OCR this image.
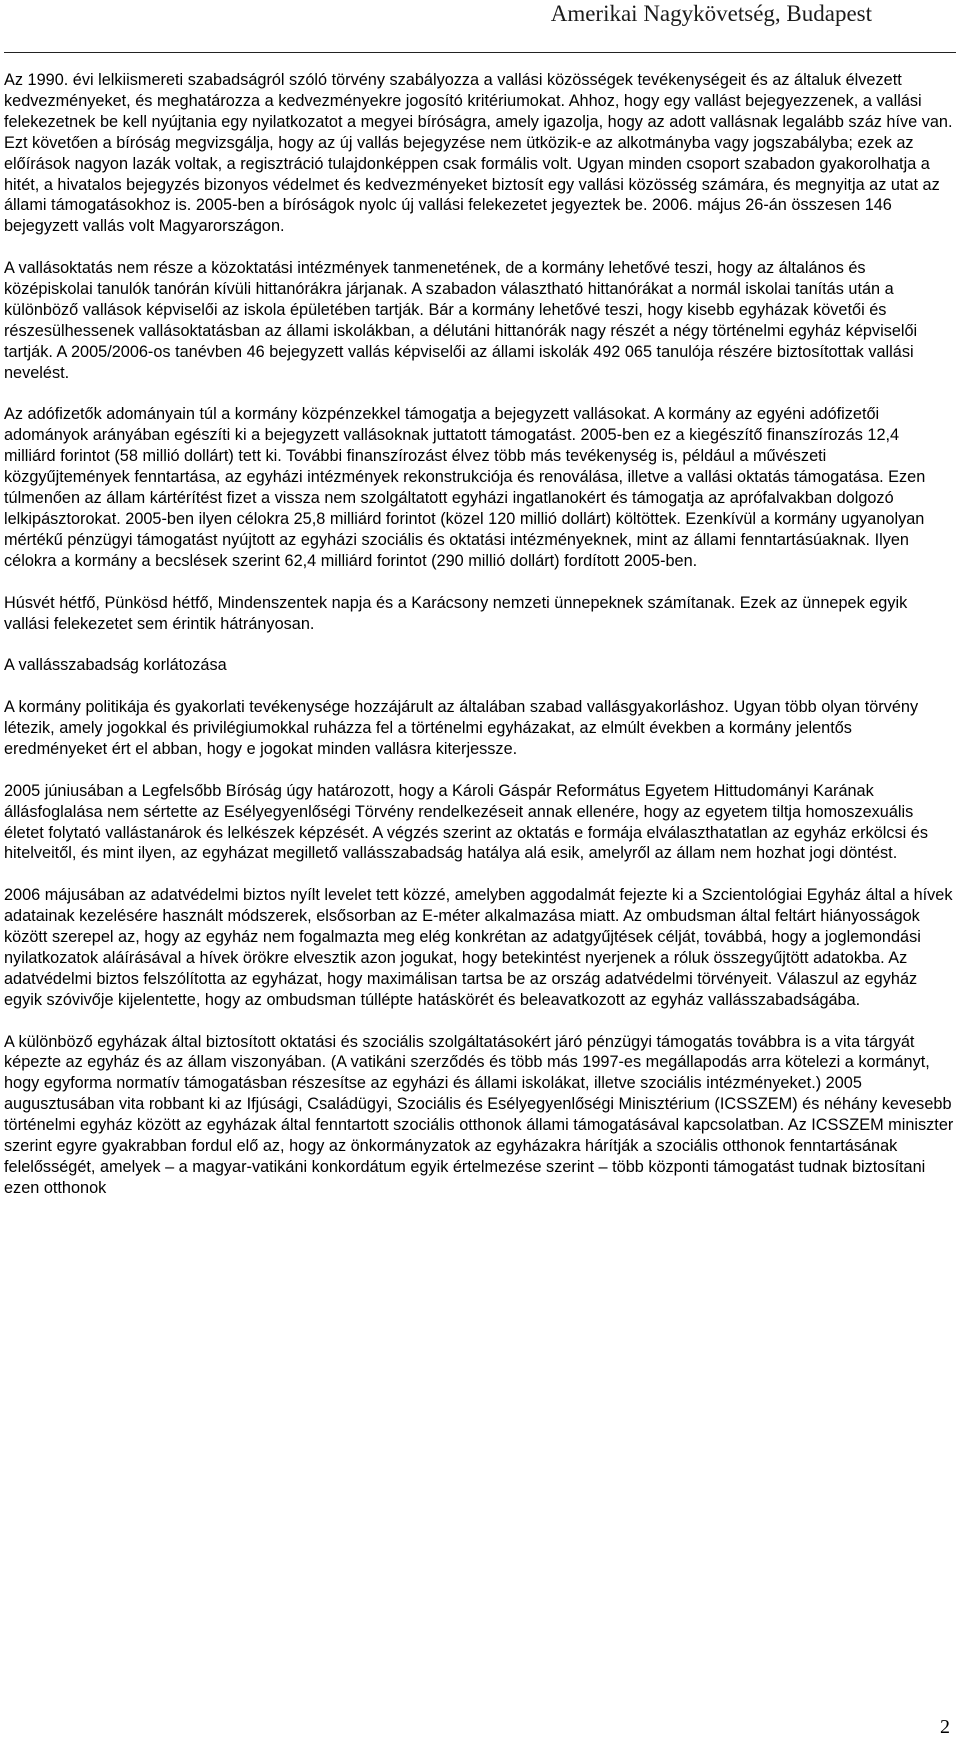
Amerikai Nagykövetség, Budapest

Az 1990. évi lelkiismereti szabadságról szóló törvény szabályozza a vallási közösségek tevékenységeit és az általuk élvezett kedvezményeket, és meghatározza a kedvezményekre jogosító kritériumokat. Ahhoz, hogy egy vallást bejegyezzenek, a vallási felekezetnek be kell nyújtania egy nyilatkozatot a megyei bíróságra, amely igazolja, hogy az adott vallásnak legalább száz híve van. Ezt követően a bíróság megvizsgálja, hogy az új vallás bejegyzése nem ütközik-e az alkotmányba vagy jogszabályba; ezek az előírások nagyon lazák voltak, a regisztráció tulajdonképpen csak formális volt. Ugyan minden csoport szabadon gyakorolhatja a hitét, a hivatalos bejegyzés bizonyos védelmet és kedvezményeket biztosít egy vallási közösség számára, és megnyitja az utat az állami támogatásokhoz is. 2005-ben a bíróságok nyolc új vallási felekezetet jegyeztek be. 2006. május 26-án összesen 146 bejegyzett vallás volt Magyarországon.

A vallásoktatás nem része a közoktatási intézmények tanmenetének, de a kormány lehetővé teszi, hogy az általános és középiskolai tanulók tanórán kívüli hittanórákra járjanak. A szabadon választható hittanórákat a normál iskolai tanítás után a különböző vallások képviselői az iskola épületében tartják. Bár a kormány lehetővé teszi, hogy kisebb egyházak követői és részesülhessenek vallásoktatásban az állami iskolákban, a délutáni hittanórák nagy részét a négy történelmi egyház képviselői tartják. A 2005/2006-os tanévben 46 bejegyzett vallás képviselői az állami iskolák 492 065 tanulója részére biztosítottak vallási nevelést.

Az adófizetők adományain túl a kormány közpénzekkel támogatja a bejegyzett vallásokat. A kormány az egyéni adófizetői adományok arányában egészíti ki a bejegyzett vallásoknak juttatott támogatást. 2005-ben ez a kiegészítő finanszírozás 12,4 milliárd forintot (58 millió dollárt) tett ki. További finanszírozást élvez több más tevékenység is, például a művészeti közgyűjtemények fenntartása, az egyházi intézmények rekonstrukciója és renoválása, illetve a vallási oktatás támogatása. Ezen túlmenően az állam kártérítést fizet a vissza nem szolgáltatott egyházi ingatlanokért és támogatja az aprófalvakban dolgozó lelkipásztorokat. 2005-ben ilyen célokra 25,8 milliárd forintot (közel 120 millió dollárt) költöttek. Ezenkívül a kormány ugyanolyan mértékű pénzügyi támogatást nyújtott az egyházi szociális és oktatási intézményeknek, mint az állami fenntartásúaknak. Ilyen célokra a kormány a becslések szerint 62,4 milliárd forintot (290 millió dollárt) fordított 2005-ben.

Húsvét hétfő, Pünkösd hétfő, Mindenszentek napja és a Karácsony nemzeti ünnepeknek számítanak. Ezek az ünnepek egyik vallási felekezetet sem érintik hátrányosan.

A vallásszabadság korlátozása

A kormány politikája és gyakorlati tevékenysége hozzájárult az általában szabad vallásgyakorláshoz. Ugyan több olyan törvény létezik, amely jogokkal és privilégiumokkal ruházza fel a történelmi egyházakat, az elmúlt években a kormány jelentős eredményeket ért el abban, hogy e jogokat minden vallásra kiterjessze.

2005 júniusában a Legfelsőbb Bíróság úgy határozott, hogy a Károli Gáspár Református Egyetem Hittudományi Karának állásfoglalása nem sértette az Esélyegyenlőségi Törvény rendelkezéseit annak ellenére, hogy az egyetem tiltja homoszexuális életet folytató vallástanárok és lelkészek képzését. A végzés szerint az oktatás e formája elválaszthatatlan az egyház erkölcsi és hitelveitől, és mint ilyen, az egyházat megillető vallásszabadság hatálya alá esik, amelyről az állam nem hozhat jogi döntést.

2006 májusában az adatvédelmi biztos nyílt levelet tett közzé, amelyben aggodalmát fejezte ki a Szcientológiai Egyház által a hívek adatainak kezelésére használt módszerek, elsősorban az E-méter alkalmazása miatt. Az ombudsman által feltárt hiányosságok között szerepel az, hogy az egyház nem fogalmazta meg elég konkrétan az adatgyűjtések célját, továbbá, hogy a joglemondási nyilatkozatok aláírásával a hívek örökre elvesztik azon jogukat, hogy betekintést nyerjenek a róluk összegyűjtött adatokba. Az adatvédelmi biztos felszólította az egyházat, hogy maximálisan tartsa be az ország adatvédelmi törvényeit. Válaszul az egyház egyik szóvivője kijelentette, hogy az ombudsman túllépte hatáskörét és beleavatkozott az egyház vallásszabadságába.

A különböző egyházak által biztosított oktatási és szociális szolgáltatásokért járó pénzügyi támogatás továbbra is a vita tárgyát képezte az egyház és az állam viszonyában. (A vatikáni szerződés és több más 1997-es megállapodás arra kötelezi a kormányt, hogy egyforma normatív támogatásban részesítse az egyházi és állami iskolákat, illetve szociális intézményeket.) 2005 augusztusában vita robbant ki az Ifjúsági, Családügyi, Szociális és Esélyegyenlőségi Minisztérium (ICSSZEM) és néhány kevesebb történelmi egyház között az egyházak által fenntartott szociális otthonok állami támogatásával kapcsolatban. Az ICSSZEM miniszter szerint egyre gyakrabban fordul elő az, hogy az önkormányzatok az egyházakra hárítják a szociális otthonok fenntartásának felelősségét, amelyek – a magyar-vatikáni konkordátum egyik értelmezése szerint – több központi támogatást tudnak biztosítani ezen otthonok

2
